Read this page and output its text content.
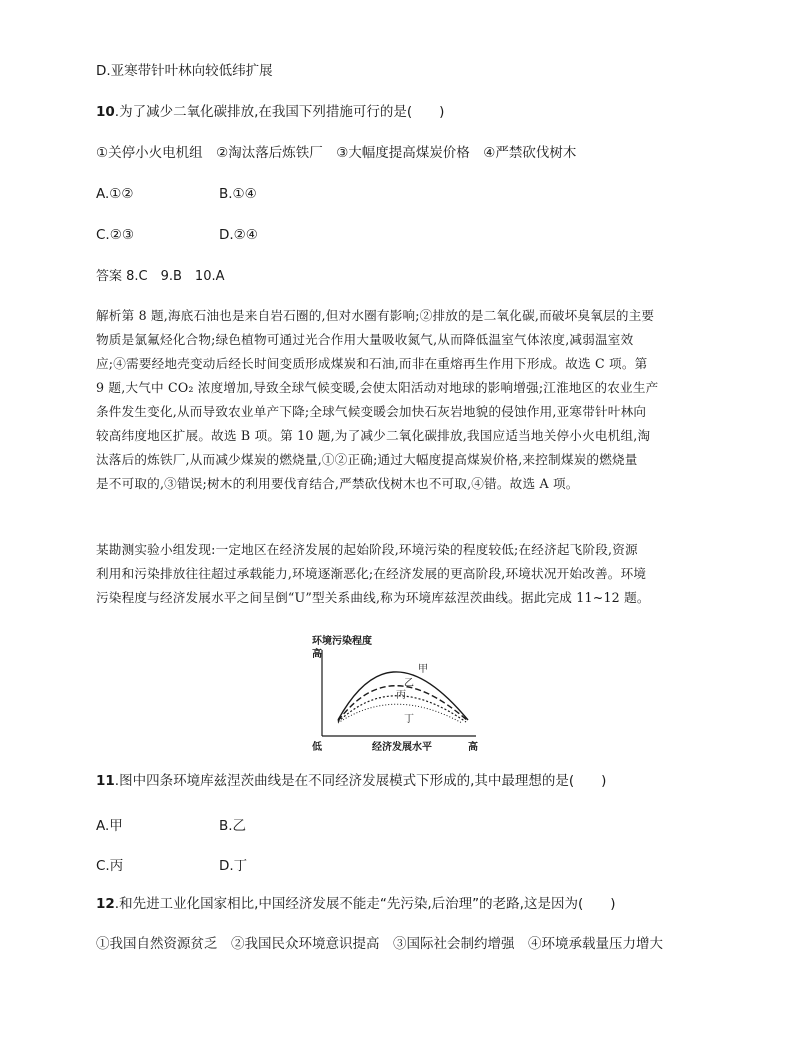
D.亚寒带针叶林向较低纬扩展
10.为了减少二氧化碳排放,在我国下列措施可行的是(　　)
①关停小火电机组　②淘汰落后炼铁厂　③大幅度提高煤炭价格　④严禁砍伐树木
A.①②	B.①④
C.②③	D.②④
答案 8.C　9.B　10.A
解析第 8 题,海底石油也是来自岩石圈的,但对水圈有影响;②排放的是二氧化碳,而破坏臭氧层的主要
物质是氯氟烃化合物;绿色植物可通过光合作用大量吸收氮气,从而降低温室气体浓度,减弱温室效
应;④需要经地壳变动后经长时间变质形成煤炭和石油,而非在重熔再生作用下形成。故选 C 项。第
9 题,大气中 CO₂ 浓度增加,导致全球气候变暖,会使太阳活动对地球的影响增强;江淮地区的农业生产
条件发生变化,从而导致农业单产下降;全球气候变暖会加快石灰岩地貌的侵蚀作用,亚寒带针叶林向
较高纬度地区扩展。故选 B 项。第 10 题,为了减少二氧化碳排放,我国应适当地关停小火电机组,淘
汰落后的炼铁厂,从而减少煤炭的燃烧量,①②正确;通过大幅度提高煤炭价格,来控制煤炭的燃烧量
是不可取的,③错误;树木的利用要伐育结合,严禁砍伐树木也不可取,④错。故选 A 项。
某勘测实验小组发现:一定地区在经济发展的起始阶段,环境污染的程度较低;在经济起飞阶段,资源
利用和污染排放往往超过承载能力,环境逐渐恶化;在经济发展的更高阶段,环境状况开始改善。环境
污染程度与经济发展水平之间呈倒“U”型关系曲线,称为环境库兹涅茨曲线。据此完成 11~12 题。
环境污染程度
高
低	经济发展水平	高
甲
乙
丙
丁
11.图中四条环境库兹涅茨曲线是在不同经济发展模式下形成的,其中最理想的是(　　)
A.甲	B.乙
C.丙	D.丁
12.和先进工业化国家相比,中国经济发展不能走“先污染,后治理”的老路,这是因为(　　)
①我国自然资源贫乏　②我国民众环境意识提高　③国际社会制约增强　④环境承载量压力增大
